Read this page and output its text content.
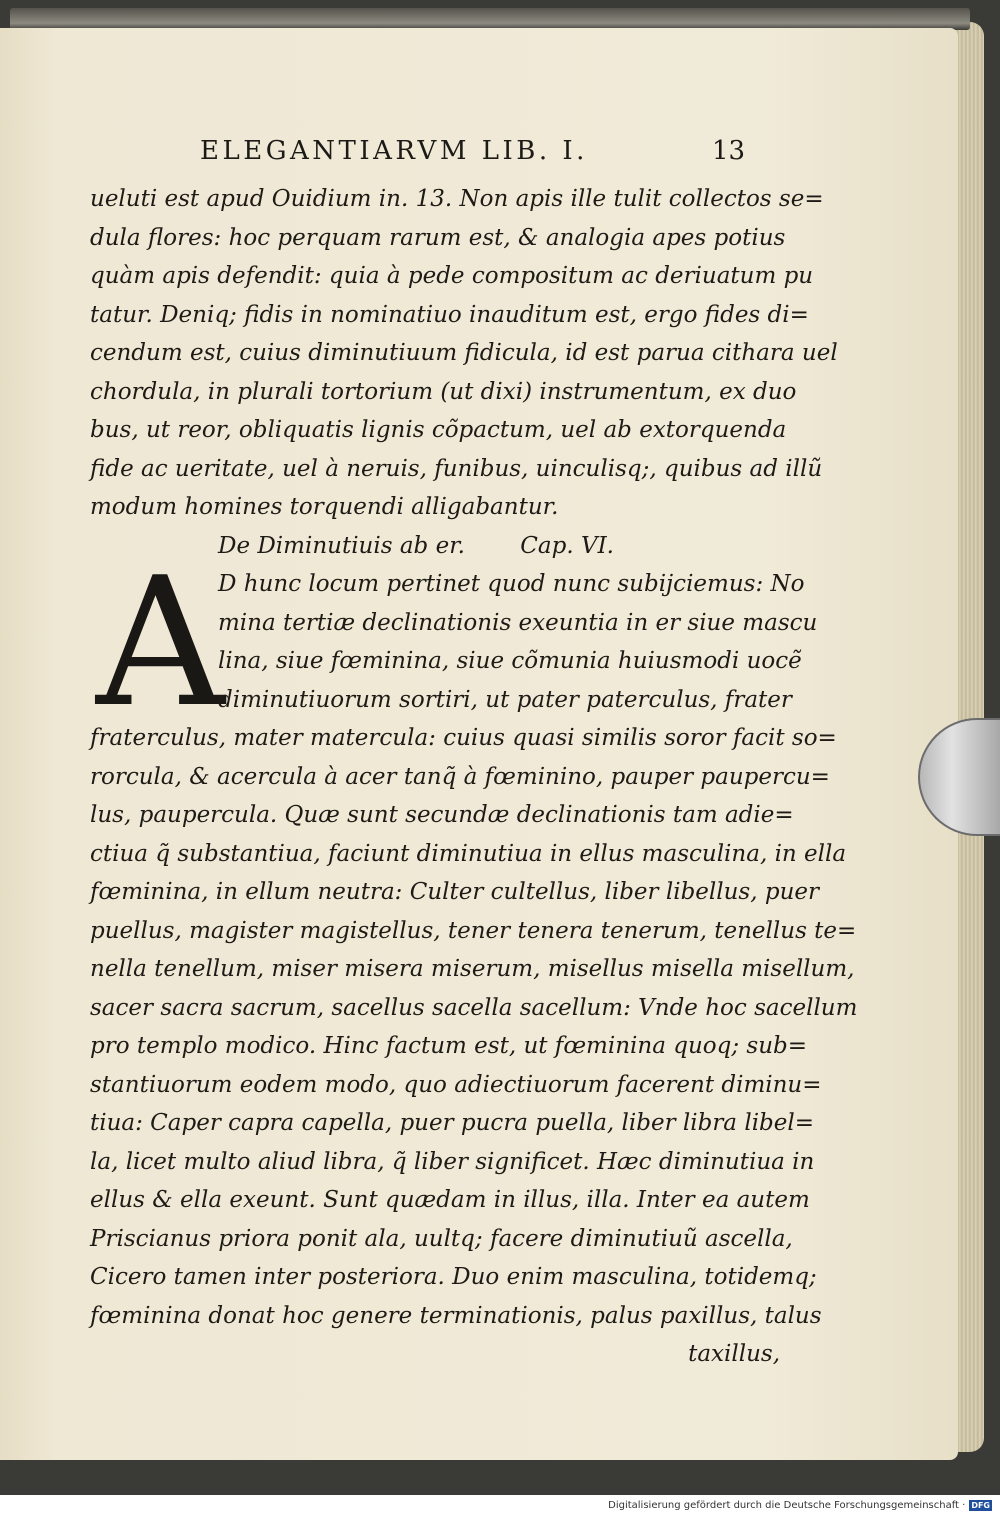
ELEGANTIARVM LIB. I.	13
ueluti est apud Ouidium in. 13. Non apis ille tulit collectos se=
dula flores: hoc perquam rarum est, & analogia apes potius
quàm apis defendit: quia à pede compositum ac deriuatum pu
tatur. Deniq; fidis in nominatiuo inauditum est, ergo fides di=
cendum est, cuius diminutiuum fidicula, id est parua cithara uel
chordula, in plurali tortorium (ut dixi) instrumentum, ex duo
bus, ut reor, obliquatis lignis cõpactum, uel ab extorquenda
fide ac ueritate, uel à neruis, funibus, uinculisq;, quibus ad illũ
modum homines torquendi alligabantur.
De Diminutiuis ab er. Cap. VI.
A
D hunc locum pertinet quod nunc subijciemus: No
mina tertiæ declinationis exeuntia in er siue mascu
lina, siue fœminina, siue cõmunia huiusmodi uocẽ
diminutiuorum sortiri, ut pater paterculus, frater
fraterculus, mater matercula: cuius quasi similis soror facit so=
rorcula, & acercula à acer tanq̃ à fœminino, pauper paupercu=
lus, paupercula. Quæ sunt secundæ declinationis tam adie=
ctiua q̃ substantiua, faciunt diminutiua in ellus masculina, in ella
fœminina, in ellum neutra: Culter cultellus, liber libellus, puer
puellus, magister magistellus, tener tenera tenerum, tenellus te=
nella tenellum, miser misera miserum, misellus misella misellum,
sacer sacra sacrum, sacellus sacella sacellum: Vnde hoc sacellum
pro templo modico. Hinc factum est, ut fœminina quoq; sub=
stantiuorum eodem modo, quo adiectiuorum facerent diminu=
tiua: Caper capra capella, puer pucra puella, liber libra libel=
la, licet multo aliud libra, q̃ liber significet. Hæc diminutiua in
ellus & ella exeunt. Sunt quædam in illus, illa. Inter ea autem
Priscianus priora ponit ala, uultq; facere diminutiuũ ascella,
Cicero tamen inter posteriora. Duo enim masculina, totidemq;
fœminina donat hoc genere terminationis, palus paxillus, talus
taxillus,
Digitalisierung gefördert durch die Deutsche Forschungsgemeinschaft · DFG
